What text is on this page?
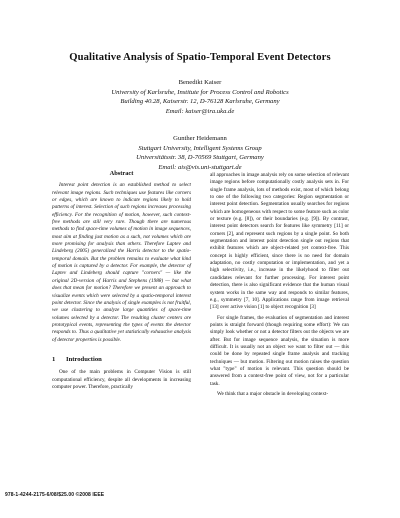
Qualitative Analysis of Spatio-Temporal Event Detectors
Benedikt Kaiser
University of Karlsruhe, Institute for Process Control and Robotics
Building 40.28, Kaiserstr. 12, D-76128 Karlsruhe, Germany
Email: kaiser@ira.uka.de
Gunther Heidemann
Stuttgart University, Intelligent Systems Group
Universitätsstr. 38, D-70569 Stuttgart, Germany
Email: ais@vis.uni-stuttgart.de
Abstract

Interest point detection is an established method to select relevant image regions. Such techniques use features like corners or edges, which are known to indicate regions likely to hold patterns of interest. Selection of such regions increases processing efficiency. For the recognition of motion, however, such context-free methods are still very rare. Though there are numerous methods to find space-time volumes of motion in image sequences, most aim at finding just motion as a such, not volumes which are more promising for analysis than others. Therefore Laptev and Lindeberg (2005) generalized the Harris detector to the spatio-temporal domain. But the problem remains to evaluate what kind of motion is captured by a detector. For example, the detector of Laptev and Lindeberg should capture "corners" — like the original 2D-version of Harris and Stephens (1988) — but what does that mean for motion? Therefore we present an approach to visualize events which were selected by a spatio-temporal interest point detector. Since the analysis of single examples is not fruitful, we use clustering to analyze large quantities of space-time volumes selected by a detector. The resulting cluster centers are prototypical events, representing the types of events the detector responds to. Thus a qualitative yet statistically exhaustive analysis of detector properties is possible.

1 Introduction

One of the main problems in Computer Vision is still computational efficiency, despite all developments in increasing computer power. Therefore, practically

all approaches in image analysis rely on some selection of relevant image regions before computationally costly analysis sets in. For single frame analysis, lots of methods exist, most of which belong to one of the following two categories: Region segmentation or interest point detection. Segmentation usually searches for regions which are homogeneous with respect to some feature such as color or texture (e.g. [8]), or their boundaries (e.g. [9]). By contrast, interest point detectors search for features like symmetry [11] or corners [2], and represent such regions by a single point. So both segmentation and interest point detection single out regions that exhibit features which are object-related yet context-free. This concept is highly efficient, since there is no need for domain adaptation, no costly computation or implementation, and yet a high selectivity, i.e., increase in the likelyhood to filter out candidates relevant for further processing. For interest point detection, there is also significant evidence that the human visual system works in the same way and responds to similar features, e.g., symmetry [7, 10]. Applications range from image retrieval [13] over active vision [1] to object recognition [3]

For single frames, the evaluation of segmentation and interest points is straight forward (though requiring some effort): We can simply look whether or not a detector filters out the objects we are after. But for image sequence analysis, the situation is more difficult. It is usually not an object we want to filter out — this could be done by repeated single frame analysis and tracking techniques — but motion. Filtering out motion raises the question what "type" of motion is relevant. This question should be answered from a context-free point of view, not for a particular task.

We think that a major obstacle in developing context-

978-1-4244-2175-6/08/$25.00 ©2008 IEEE
